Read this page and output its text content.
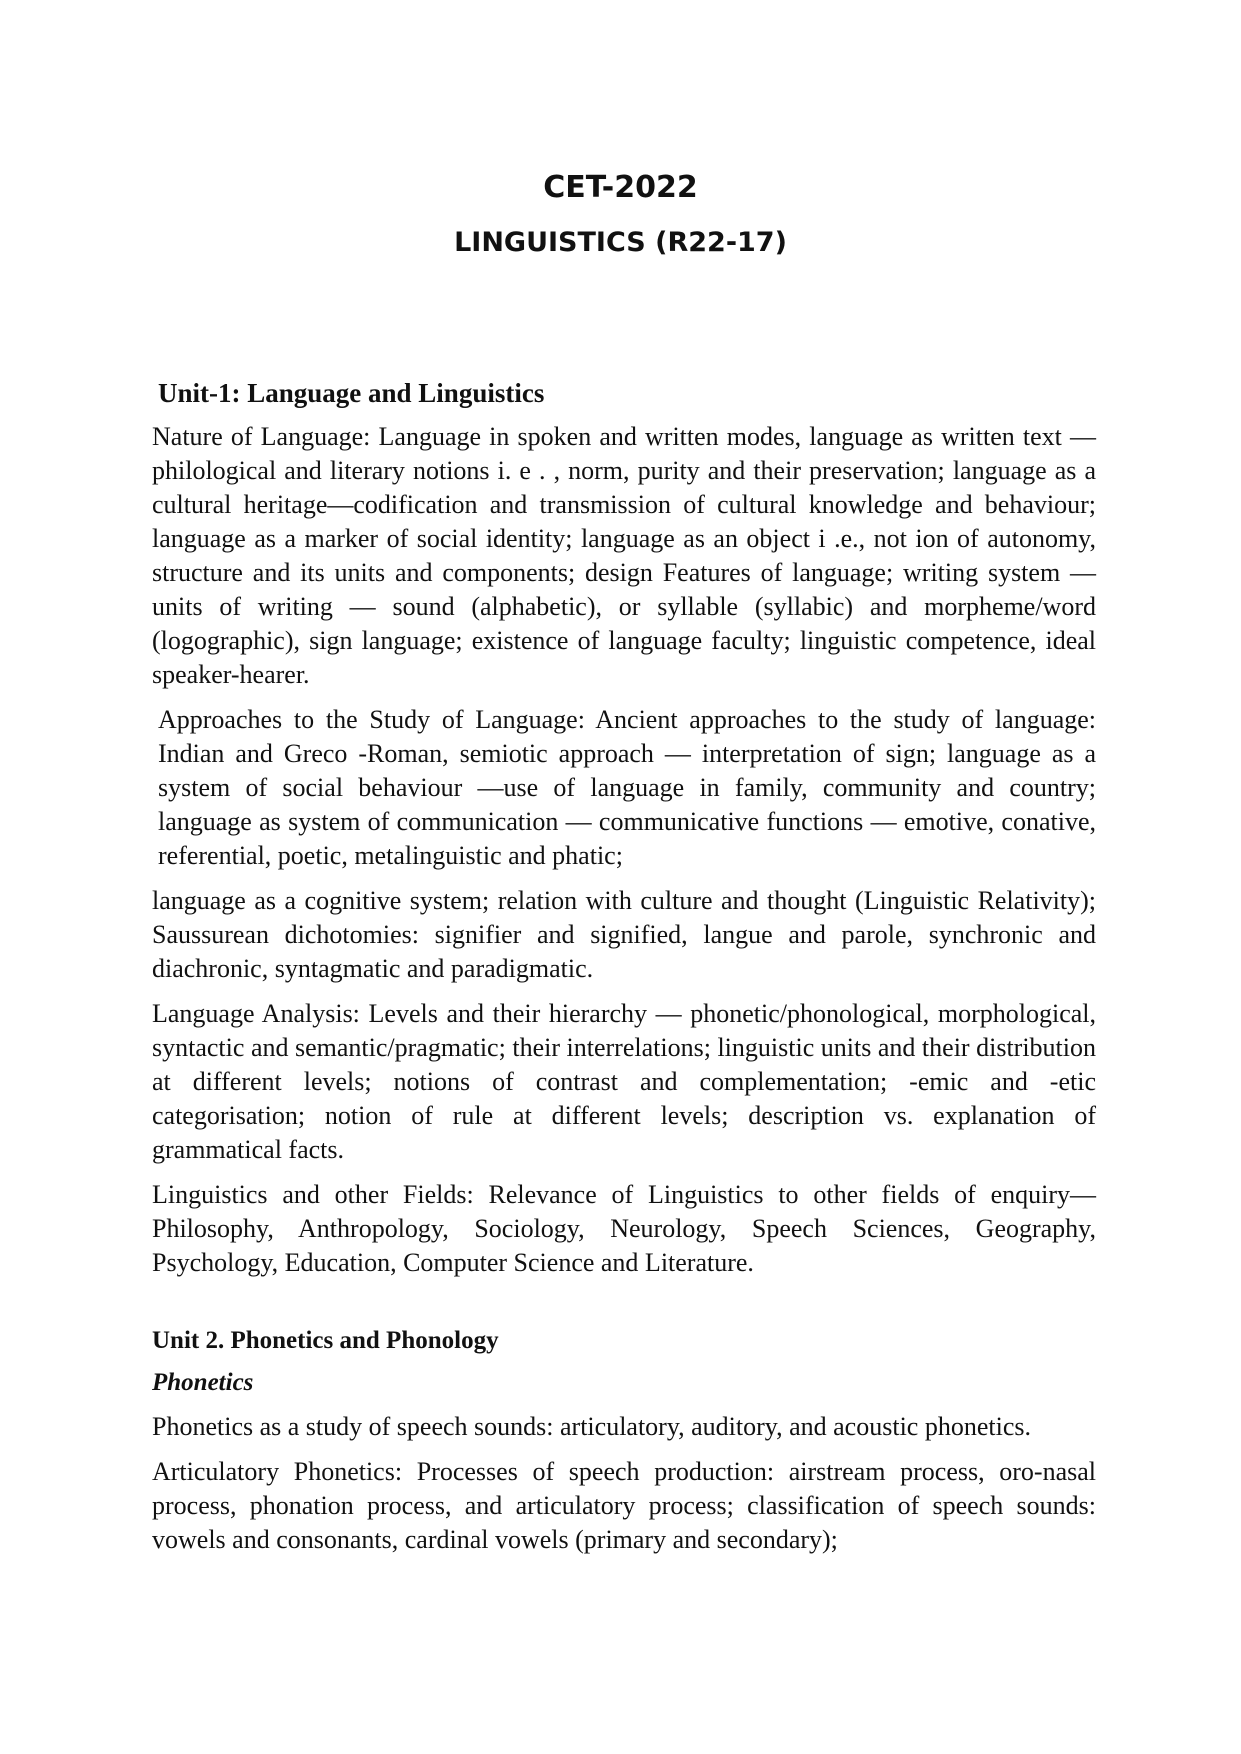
CET-2022
LINGUISTICS (R22-17)
Unit-1: Language and Linguistics

Nature of Language: Language in spoken and written modes, language as written text — philological and literary notions i. e . , norm, purity and their preservation; language as a cultural heritage—codification and transmission of cultural knowledge and behaviour; language as a marker of social identity; language as an object i .e., not ion of autonomy, structure and its units and components; design Features of language; writing system — units of writing — sound (alphabetic), or syllable (syllabic) and morpheme/word (logographic), sign language; existence of language faculty; linguistic competence, ideal speaker-hearer.

Approaches to the Study of Language: Ancient approaches to the study of language: Indian and Greco -Roman, semiotic approach — interpretation of sign; language as a system of social behaviour —use of language in family, community and country; language as system of communication — communicative functions — emotive, conative, referential, poetic, metalinguistic and phatic;

language as a cognitive system; relation with culture and thought (Linguistic Relativity); Saussurean dichotomies: signifier and signified, langue and parole, synchronic and diachronic, syntagmatic and paradigmatic.

Language Analysis: Levels and their hierarchy — phonetic/phonological, morphological, syntactic and semantic/pragmatic; their interrelations; linguistic units and their distribution at different levels; notions of contrast and complementation; -emic and -etic categorisation; notion of rule at different levels; description vs. explanation of grammatical facts.

Linguistics and other Fields: Relevance of Linguistics to other fields of enquiry—Philosophy, Anthropology, Sociology, Neurology, Speech Sciences, Geography, Psychology, Education, Computer Science and Literature.

Unit 2. Phonetics and Phonology
Phonetics

Phonetics as a study of speech sounds: articulatory, auditory, and acoustic phonetics.

Articulatory Phonetics: Processes of speech production: airstream process, oro-nasal process, phonation process, and articulatory process; classification of speech sounds: vowels and consonants, cardinal vowels (primary and secondary);
